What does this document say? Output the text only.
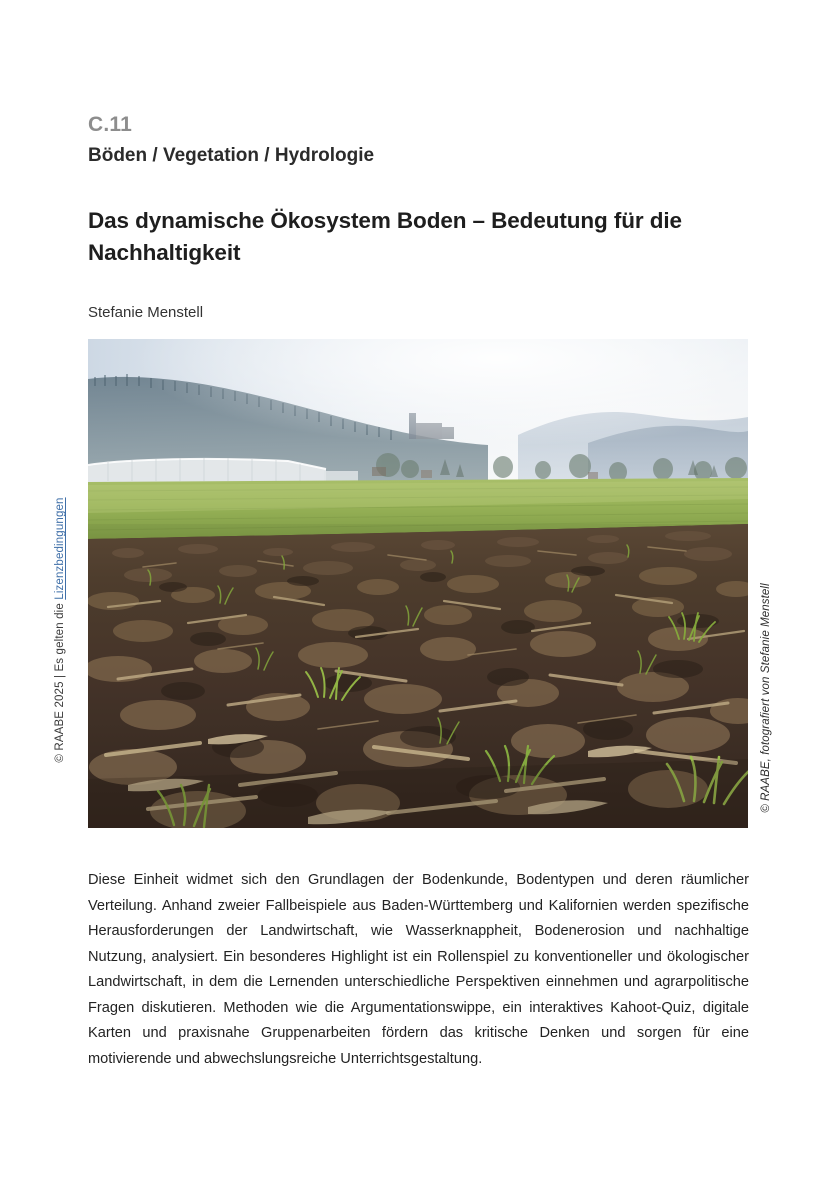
C.11

Böden / Vegetation / Hydrologie

Das dynamische Ökosystem Boden – Bedeutung für die Nachhaltigkeit

Stefanie Menstell

© RAABE 2025 | Es gelten die Lizenzbedingungen
© RAABE, fotografiert von Stefanie Menstell

Diese Einheit widmet sich den Grundlagen der Bodenkunde, Bodentypen und deren räumlicher Verteilung. Anhand zweier Fallbeispiele aus Baden-Württemberg und Kalifornien werden spezifische Herausforderungen der Landwirtschaft, wie Wasserknappheit, Bodenerosion und nachhaltige Nutzung, analysiert. Ein besonderes Highlight ist ein Rollenspiel zu konventioneller und ökologischer Landwirtschaft, in dem die Lernenden unterschiedliche Perspektiven einnehmen und agrarpolitische Fragen diskutieren. Methoden wie die Argumentationswippe, ein interaktives Kahoot-Quiz, digitale Karten und praxisnahe Gruppenarbeiten fördern das kritische Denken und sorgen für eine motivierende und abwechslungsreiche Unterrichtsgestaltung.
